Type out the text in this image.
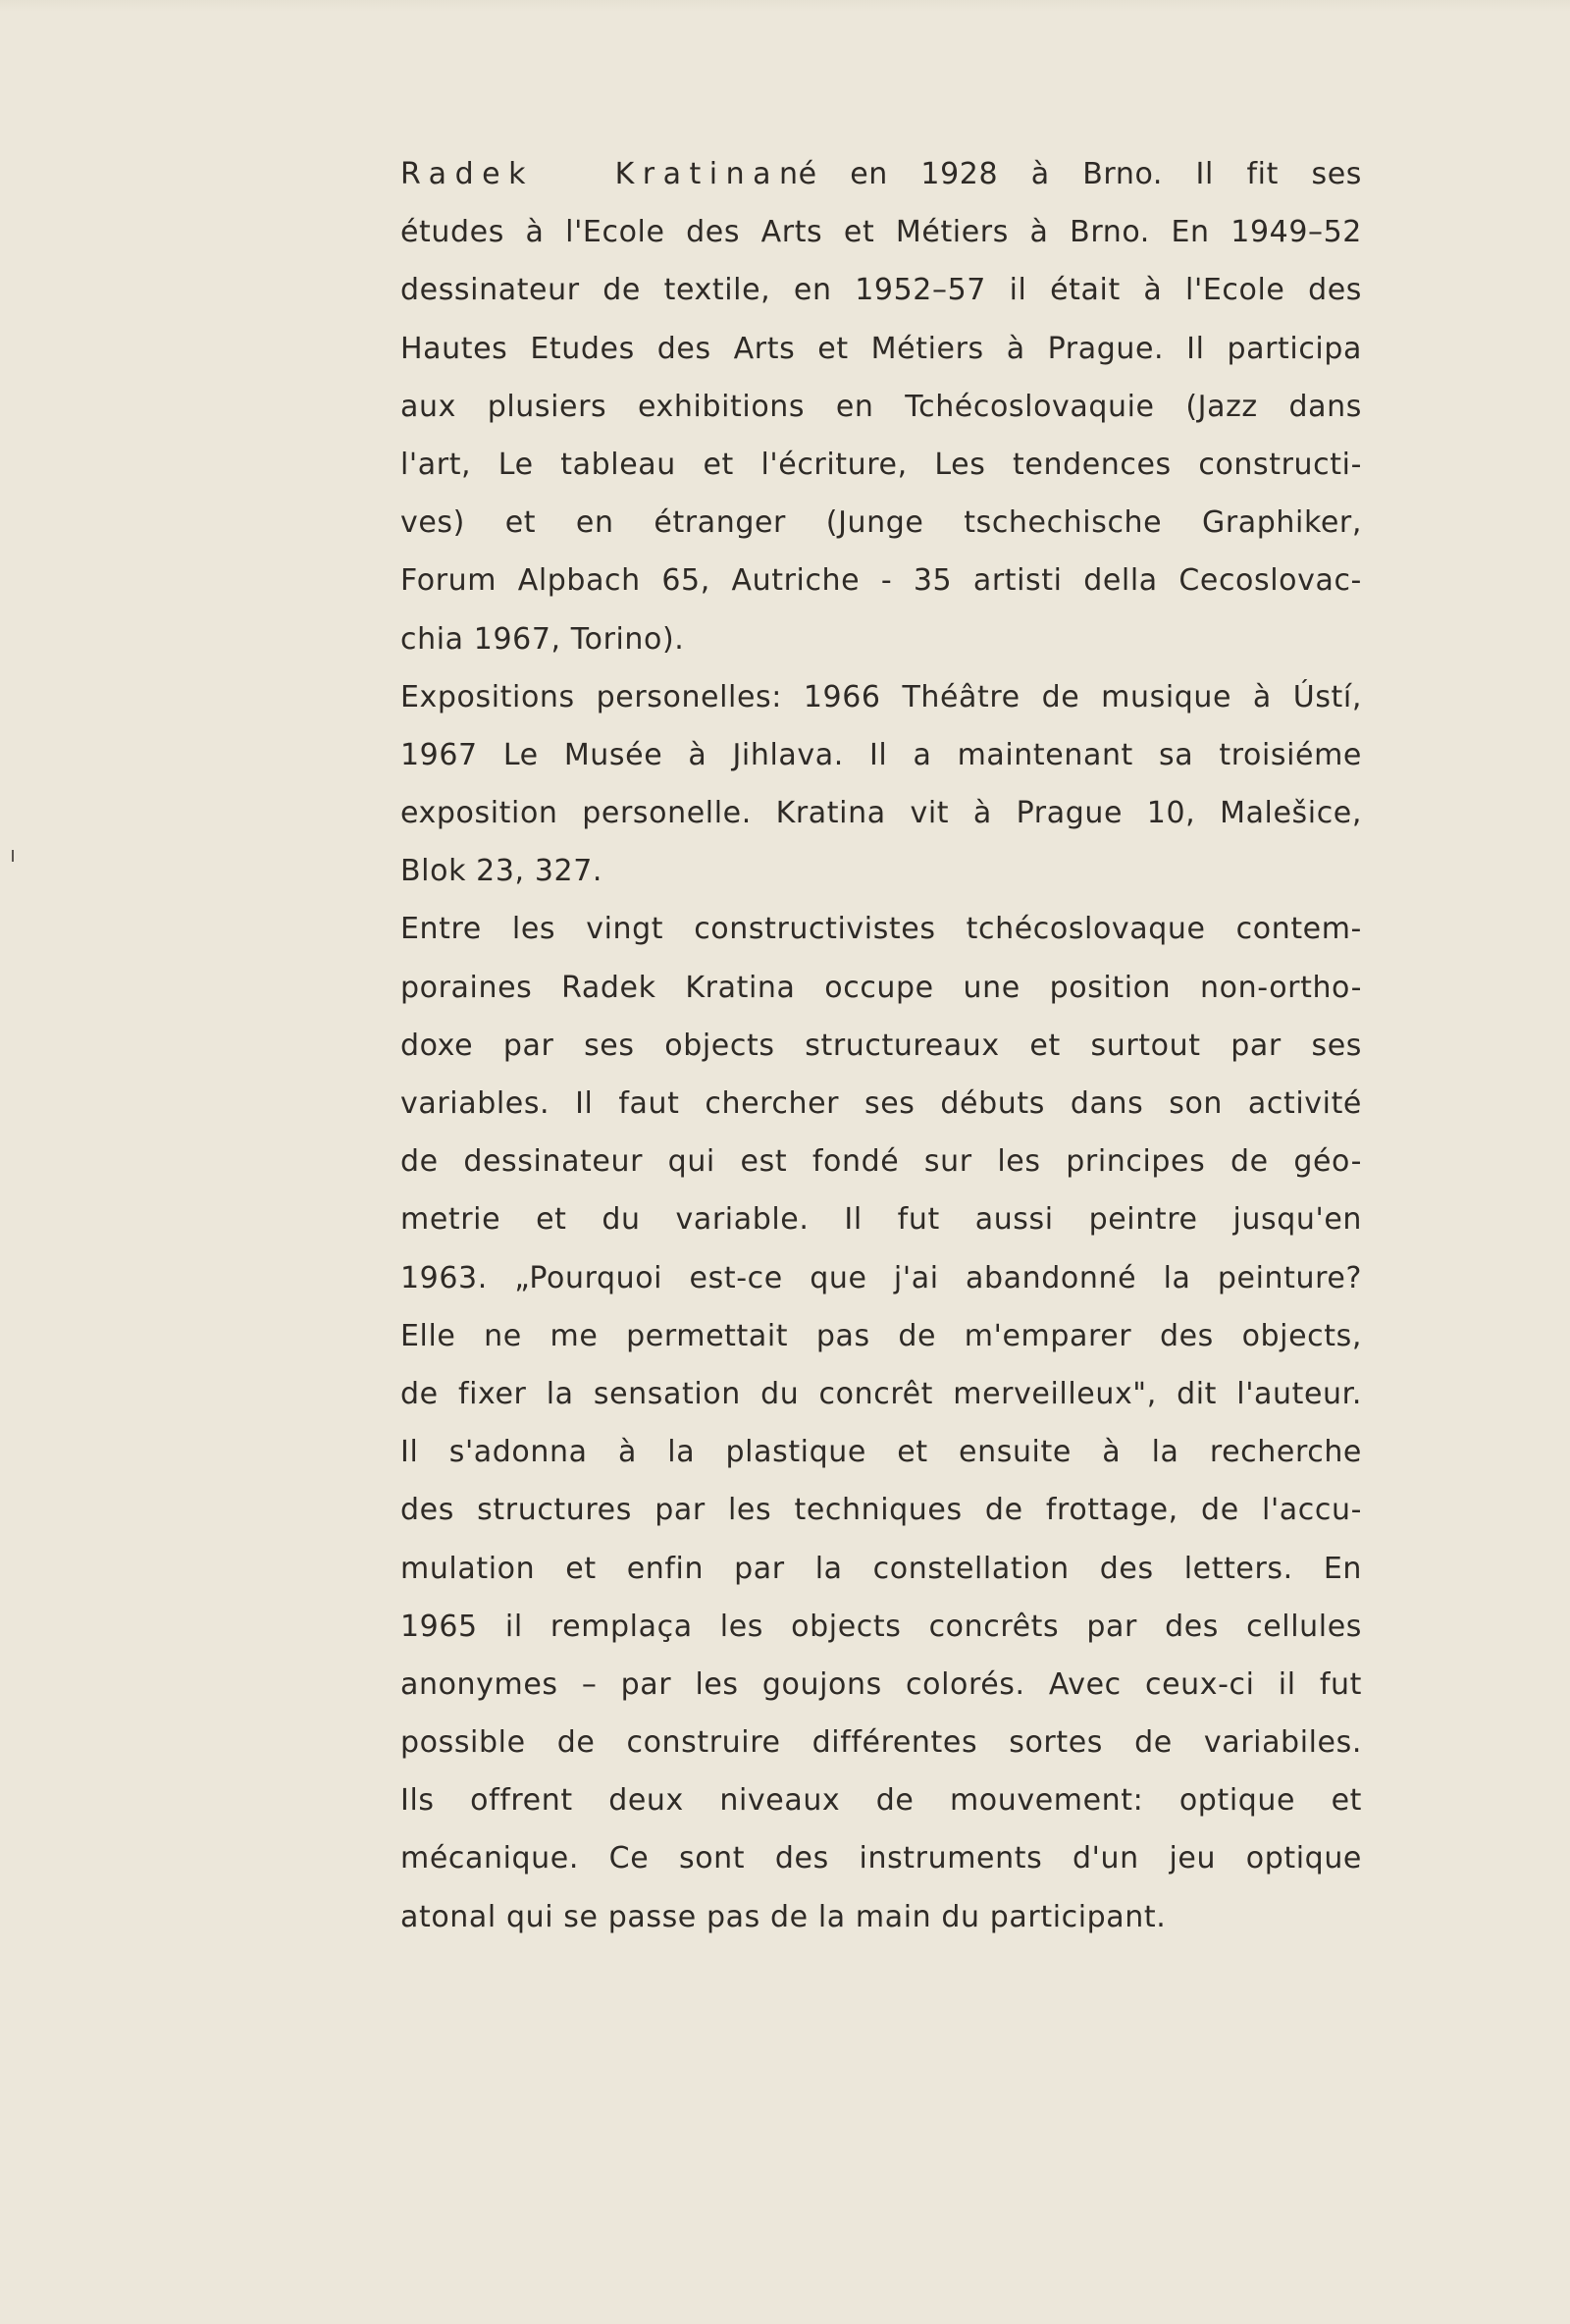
Radek Kratinané en 1928 à Brno. Il fit ses
études à l'Ecole des Arts et Métiers à Brno. En 1949–52
dessinateur de textile, en 1952–57 il était à l'Ecole des
Hautes Etudes des Arts et Métiers à Prague. Il participa
aux plusiers exhibitions en Tchécoslovaquie (Jazz dans
l'art, Le tableau et l'écriture, Les tendences constructi-
ves) et en étranger (Junge tschechische Graphiker,
Forum Alpbach 65, Autriche - 35 artisti della Cecoslovac-
chia 1967, Torino).
Expositions personelles: 1966 Théâtre de musique à Ústí,
1967 Le Musée à Jihlava. Il a maintenant sa troisiéme
exposition personelle. Kratina vit à Prague 10, Malešice,
Blok 23, 327.
Entre les vingt constructivistes tchécoslovaque contem-
poraines Radek Kratina occupe une position non-ortho-
doxe par ses objects structureaux et surtout par ses
variables. Il faut chercher ses débuts dans son activité
de dessinateur qui est fondé sur les principes de géo-
metrie et du variable. Il fut aussi peintre jusqu'en
1963. „Pourquoi est-ce que j'ai abandonné la peinture?
Elle ne me permettait pas de m'emparer des objects,
de fixer la sensation du concrêt merveilleux", dit l'auteur.
Il s'adonna à la plastique et ensuite à la recherche
des structures par les techniques de frottage, de l'accu-
mulation et enfin par la constellation des letters. En
1965 il remplaça les objects concrêts par des cellules
anonymes – par les goujons colorés. Avec ceux-ci il fut
possible de construire différentes sortes de variabiles.
Ils offrent deux niveaux de mouvement: optique et
mécanique. Ce sont des instruments d'un jeu optique
atonal qui se passe pas de la main du participant.
